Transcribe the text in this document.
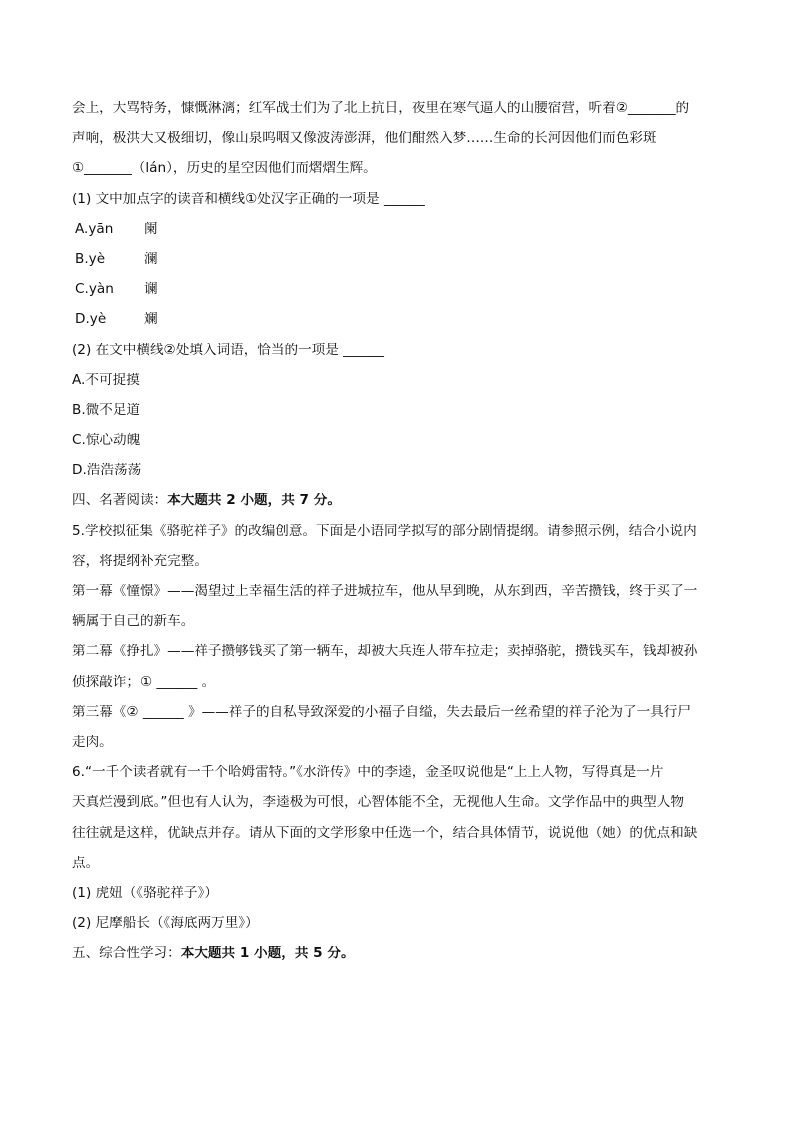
会上，大骂特务，慷慨淋漓；红军战士们为了北上抗日，夜里在寒气逼人的山腰宿营，听着②_______的
声响，极洪大又极细切，像山泉呜咽又像波涛澎湃，他们酣然入梦……生命的长河因他们而色彩斑
①_______（lán），历史的星空因他们而熠熠生辉。
(1) 文中加点字的读音和横线①处汉字正确的一项是 ______
A.yān 阑
B.yè	澜
C.yàn 谰
D.yè	斓
(2) 在文中横线②处填入词语，恰当的一项是 ______
A.不可捉摸
B.微不足道
C.惊心动魄
D.浩浩荡荡
四、名著阅读：本大题共 2 小题，共 7 分。
5.学校拟征集《骆驼祥子》的改编创意。下面是小语同学拟写的部分剧情提纲。请参照示例，结合小说内
容，将提纲补充完整。
第一幕《憧憬》——渴望过上幸福生活的祥子进城拉车，他从早到晚，从东到西，辛苦攒钱，终于买了一
辆属于自己的新车。
第二幕《挣扎》——祥子攒够钱买了第一辆车，却被大兵连人带车拉走；卖掉骆驼，攒钱买车，钱却被孙
侦探敲诈；① ______ 。
第三幕《② ______ 》——祥子的自私导致深爱的小福子自缢，失去最后一丝希望的祥子沦为了一具行尸
走肉。
6.“一千个读者就有一千个哈姆雷特。”《水浒传》中的李逵，金圣叹说他是“上上人物，写得真是一片
天真烂漫到底。”但也有人认为，李逵极为可恨，心智体能不全，无视他人生命。文学作品中的典型人物
往往就是这样，优缺点并存。请从下面的文学形象中任选一个，结合具体情节，说说他（她）的优点和缺
点。
(1) 虎妞（《骆驼祥子》）
(2) 尼摩船长（《海底两万里》）
五、综合性学习：本大题共 1 小题，共 5 分。
